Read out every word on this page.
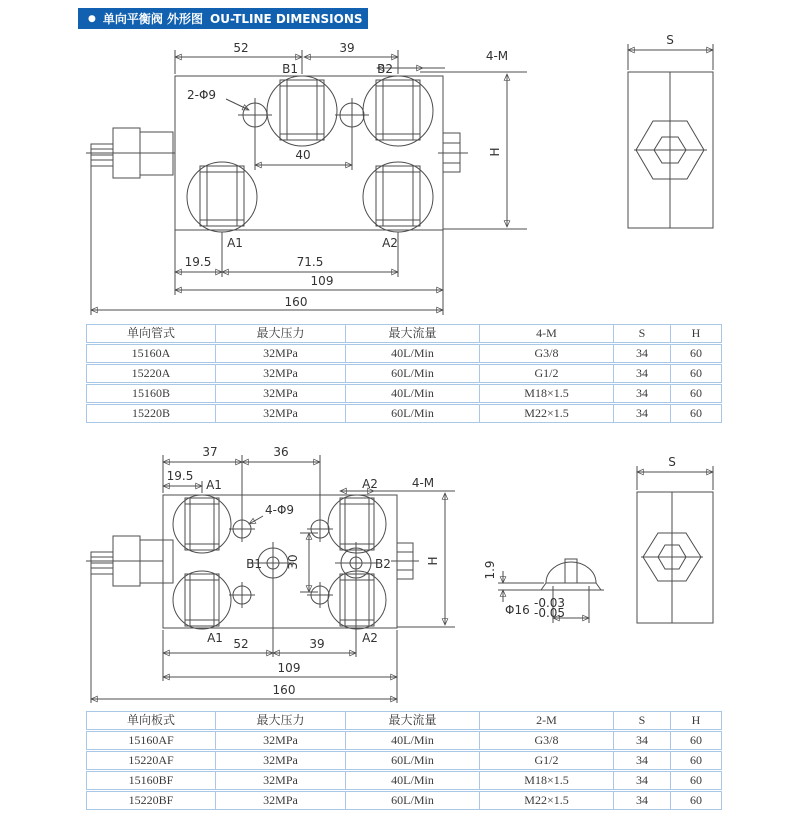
● 单向平衡阀 外形图 OU-TLINE DIMENSIONS
52	39
B1	B2
4-M
2-Φ9
40	H
A1	A2
19.5	71.5
109
160
S
37	36
19.5
A1	A2	4-M
4-Φ9
B1	B2
30	H
A1	A2
52	39
109
160
1.9
Φ16 -0.03
-0.05
S
单向管式	最大压力	最大流量	4-M	S	H
15160A	32MPa	40L/Min	G3/8	34	60
15220A	32MPa	60L/Min	G1/2	34	60
15160B	32MPa	40L/Min	M18×1.5	34	60
15220B	32MPa	60L/Min	M22×1.5	34	60
单向板式	最大压力	最大流量	2-M	S	H
15160AF	32MPa	40L/Min	G3/8	34	60
15220AF	32MPa	60L/Min	G1/2	34	60
15160BF	32MPa	40L/Min	M18×1.5	34	60
15220BF	32MPa	60L/Min	M22×1.5	34	60
